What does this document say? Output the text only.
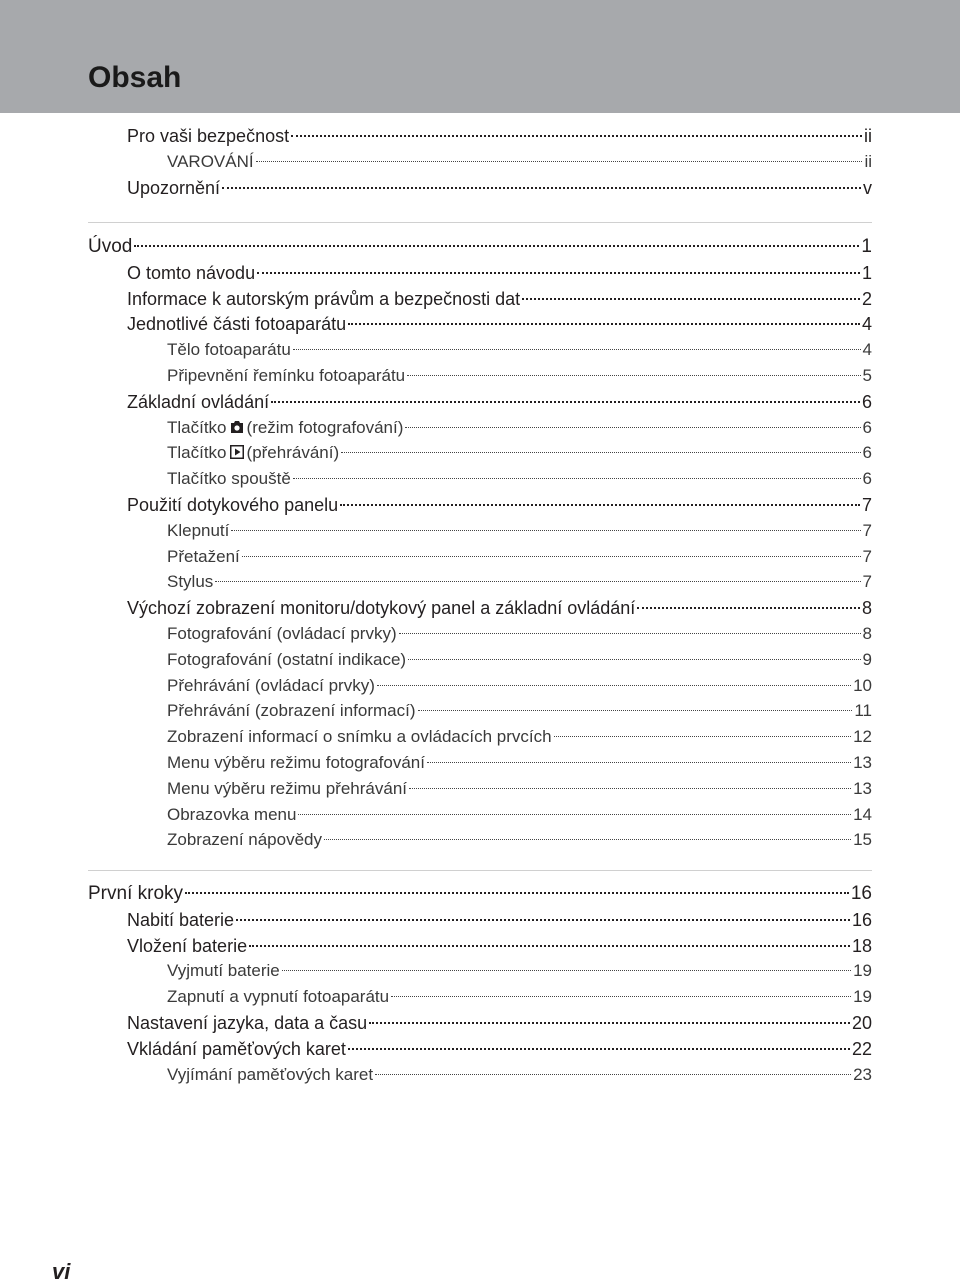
Obsah
Pro vaši bezpečnost	ii
VAROVÁNÍ	ii
Upozornění	v
Úvod	1
O tomto návodu	1
Informace k autorským právům a bezpečnosti dat	2
Jednotlivé části fotoaparátu	4
Tělo fotoaparátu	4
Připevnění řemínku fotoaparátu	5
Základní ovládání	6
Tlačítko (režim fotografování)	6
Tlačítko (přehrávání)	6
Tlačítko spouště	6
Použití dotykového panelu	7
Klepnutí	7
Přetažení	7
Stylus	7
Výchozí zobrazení monitoru/dotykový panel a základní ovládání	8
Fotografování (ovládací prvky)	8
Fotografování (ostatní indikace)	9
Přehrávání (ovládací prvky)	10
Přehrávání (zobrazení informací)	11
Zobrazení informací o snímku a ovládacích prvcích	12
Menu výběru režimu fotografování	13
Menu výběru režimu přehrávání	13
Obrazovka menu	14
Zobrazení nápovědy	15
První kroky	16
Nabití baterie	16
Vložení baterie	18
Vyjmutí baterie	19
Zapnutí a vypnutí fotoaparátu	19
Nastavení jazyka, data a času	20
Vkládání paměťových karet	22
Vyjímání paměťových karet	23
vi
